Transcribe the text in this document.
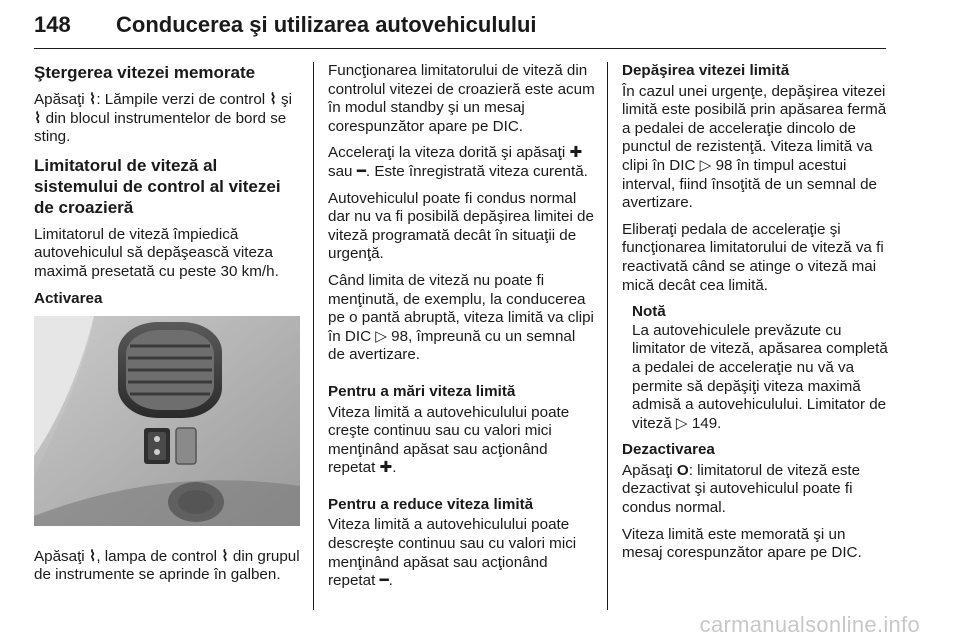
148 Conducerea şi utilizarea autovehiculului
Ştergerea vitezei memorate

Apăsaţi ⌇: Lămpile verzi de control ⌇ şi ⌇ din blocul instrumentelor de bord se sting.

Limitatorul de viteză al sistemului de control al vitezei de croazieră

Limitatorul de viteză împiedică autovehiculul să depăşească viteza maximă presetată cu peste 30 km/h.

Activarea

Apăsaţi ⌇, lampa de control ⌇ din grupul de instrumente se aprinde în galben.

Funcţionarea limitatorului de viteză din controlul vitezei de croazieră este acum în modul standby şi un mesaj corespunzător apare pe DIC.

Acceleraţi la viteza dorită şi apăsaţi ✚ sau ━. Este înregistrată viteza curentă.

Autovehiculul poate fi condus normal dar nu va fi posibilă depăşirea limitei de viteză programată decât în situaţii de urgenţă.

Când limita de viteză nu poate fi menţinută, de exemplu, la conducerea pe o pantă abruptă, viteza limită va clipi în DIC ▷ 98, împreună cu un semnal de avertizare.

Pentru a mări viteza limită

Viteza limită a autovehiculului poate creşte continuu sau cu valori mici menţinând apăsat sau acţionând repetat ✚.

Pentru a reduce viteza limită

Viteza limită a autovehiculului poate descreşte continuu sau cu valori mici menţinând apăsat sau acţionând repetat ━.

Depăşirea vitezei limită

În cazul unei urgenţe, depăşirea vitezei limită este posibilă prin apăsarea fermă a pedalei de acceleraţie dincolo de punctul de rezistenţă. Viteza limită va clipi în DIC ▷ 98 în timpul acestui interval, fiind însoţită de un semnal de avertizare.

Eliberaţi pedala de acceleraţie şi funcţionarea limitatorului de viteză va fi reactivată când se atinge o viteză mai mică decât cea limită.

Notă
La autovehiculele prevăzute cu limitator de viteză, apăsarea completă a pedalei de acceleraţie nu vă va permite să depăşiţi viteza maximă admisă a autovehiculului. Limitator de viteză ▷ 149.

Dezactivarea

Apăsaţi O: limitatorul de viteză este dezactivat şi autovehiculul poate fi condus normal.

Viteza limită este memorată şi un mesaj corespunzător apare pe DIC.

carmanualsonline.info
